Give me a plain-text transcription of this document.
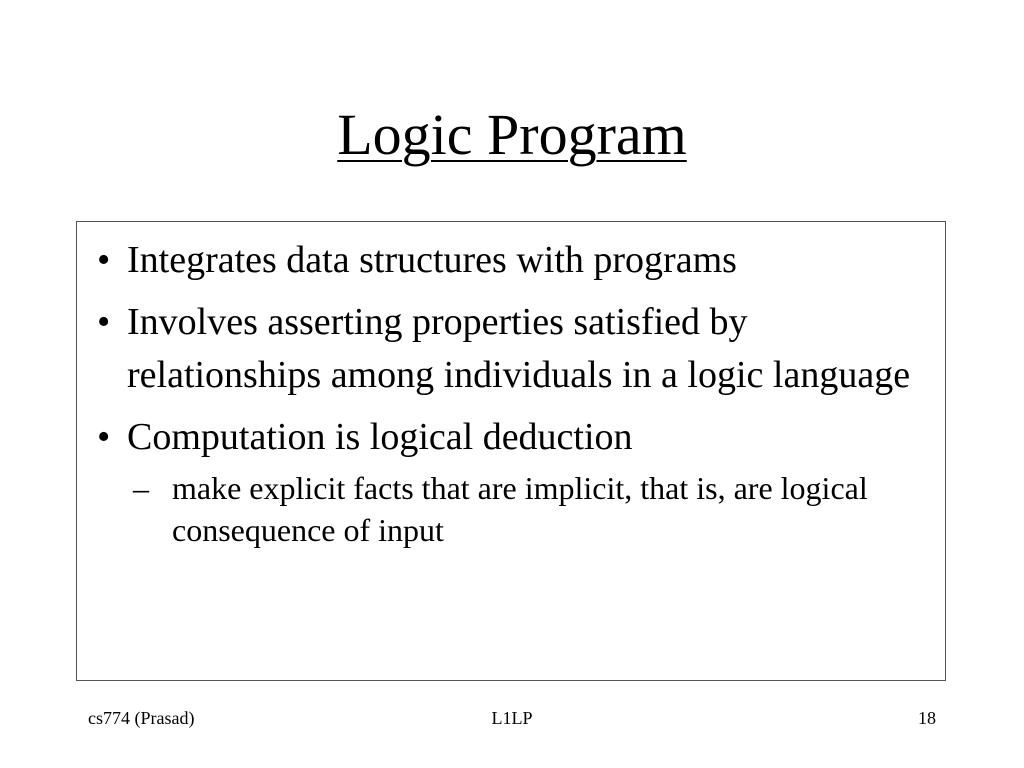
Logic Program
• Integrates data structures with programs
• Involves asserting properties satisfied by relationships among individuals in a logic language
• Computation is logical deduction
– make explicit facts that are implicit, that is, are logical consequence of input
cs774 (Prasad)	L1LP	18
